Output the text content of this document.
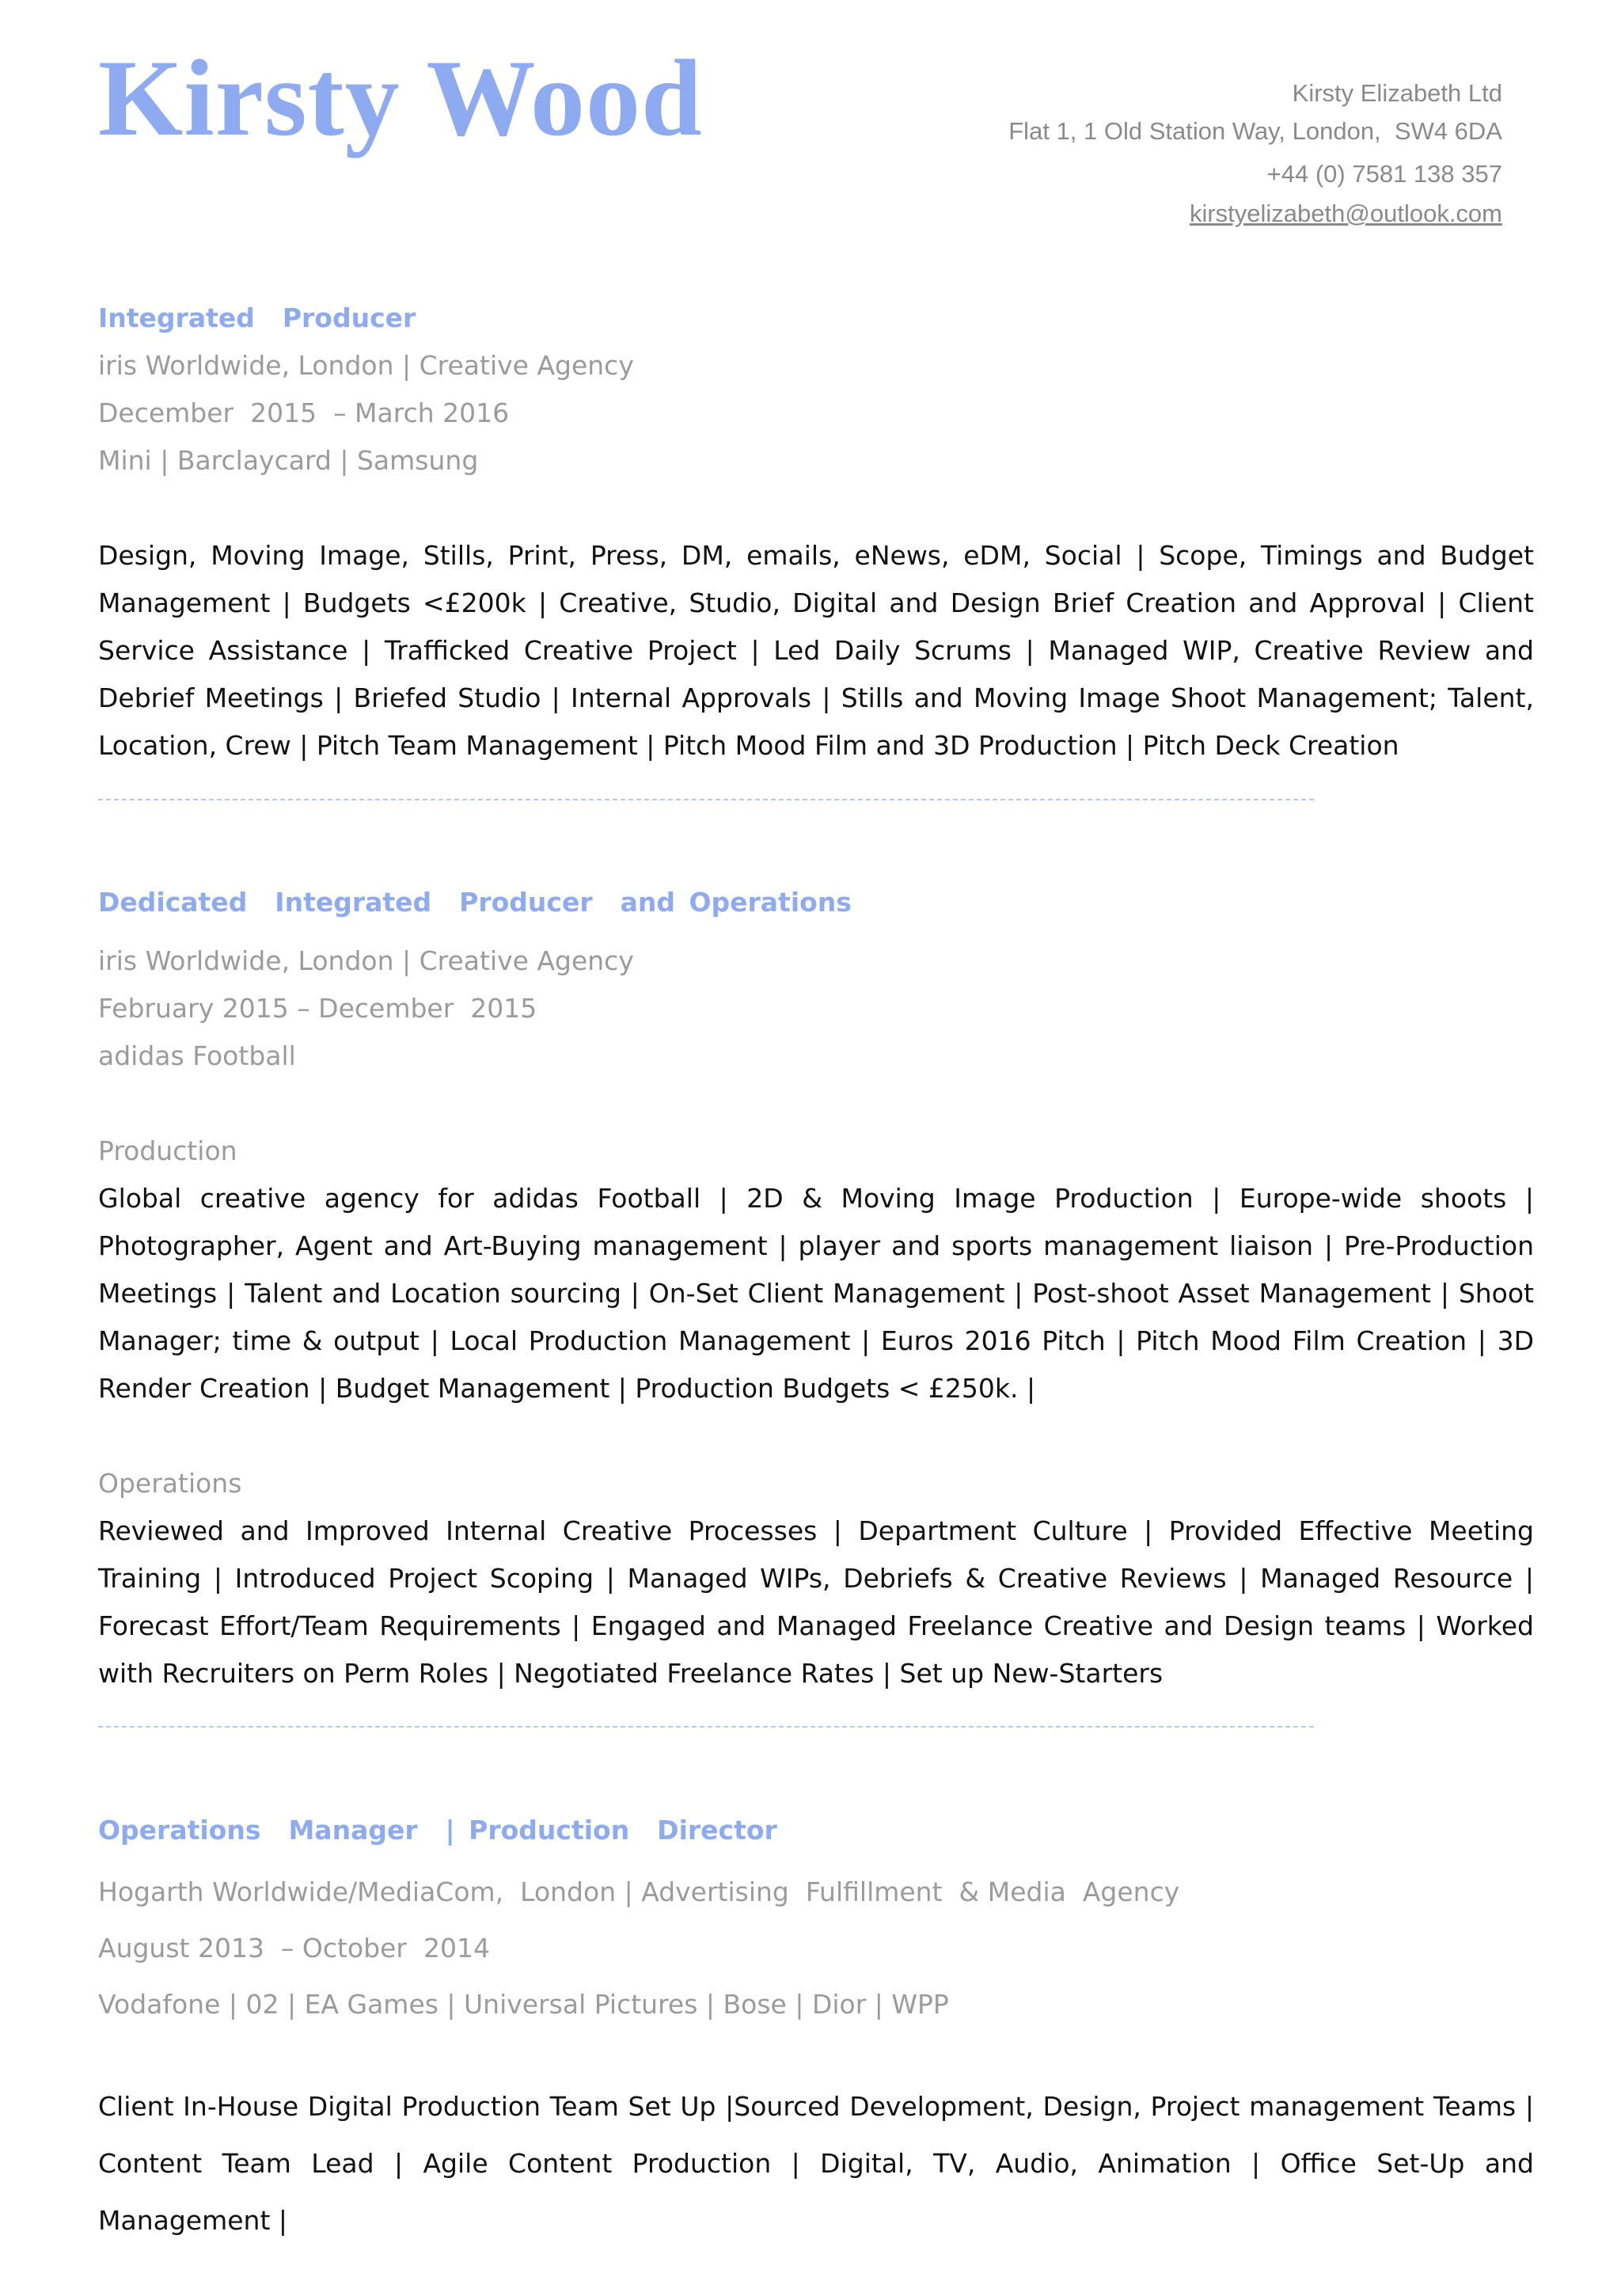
Kirsty Wood	Kirsty Elizabeth Ltd
Flat 1, 1 Old Station Way, London,  SW4 6DA
+44 (0) 7581 138 357
kirstyelizabeth@outlook.com
Integrated  Producer
iris Worldwide, London | Creative Agency
December  2015  – March 2016
Mini | Barclaycard | Samsung

Design, Moving Image, Stills, Print, Press, DM, emails, eNews, eDM, Social | Scope, Timings and Budget Management | Budgets <£200k | Creative, Studio, Digital and Design Brief Creation and Approval | Client Service Assistance | Trafficked Creative Project | Led Daily Scrums | Managed WIP, Creative Review and Debrief Meetings | Briefed Studio | Internal Approvals | Stills and Moving Image Shoot Management; Talent, Location, Crew | Pitch Team Management | Pitch Mood Film and 3D Production | Pitch Deck Creation

Dedicated  Integrated  Producer  and Operations
iris Worldwide, London | Creative Agency
February 2015 – December  2015
adidas Football
Production

Global creative agency for adidas Football | 2D & Moving Image Production | Europe-wide shoots | Photographer, Agent and Art-Buying management | player and sports management liaison | Pre-Production Meetings | Talent and Location sourcing | On-Set Client Management | Post-shoot Asset Management | Shoot Manager; time & output | Local Production Management | Euros 2016 Pitch | Pitch Mood Film Creation | 3D Render Creation | Budget Management | Production Budgets < £250k. |

Operations

Reviewed and Improved Internal Creative Processes | Department Culture | Provided Effective Meeting Training | Introduced Project Scoping | Managed WIPs, Debriefs & Creative Reviews | Managed Resource | Forecast Effort/Team Requirements | Engaged and Managed Freelance Creative and Design teams | Worked with Recruiters on Perm Roles | Negotiated Freelance Rates | Set up New-Starters

Operations  Manager  | Production  Director
Hogarth Worldwide/MediaCom,  London | Advertising  Fulfillment  & Media  Agency
August 2013  – October  2014
Vodafone | 02 | EA Games | Universal Pictures | Bose | Dior | WPP

Client In-House Digital Production Team Set Up |Sourced Development, Design, Project management Teams | Content Team Lead | Agile Content Production | Digital, TV, Audio, Animation | Office Set-Up and Management |
